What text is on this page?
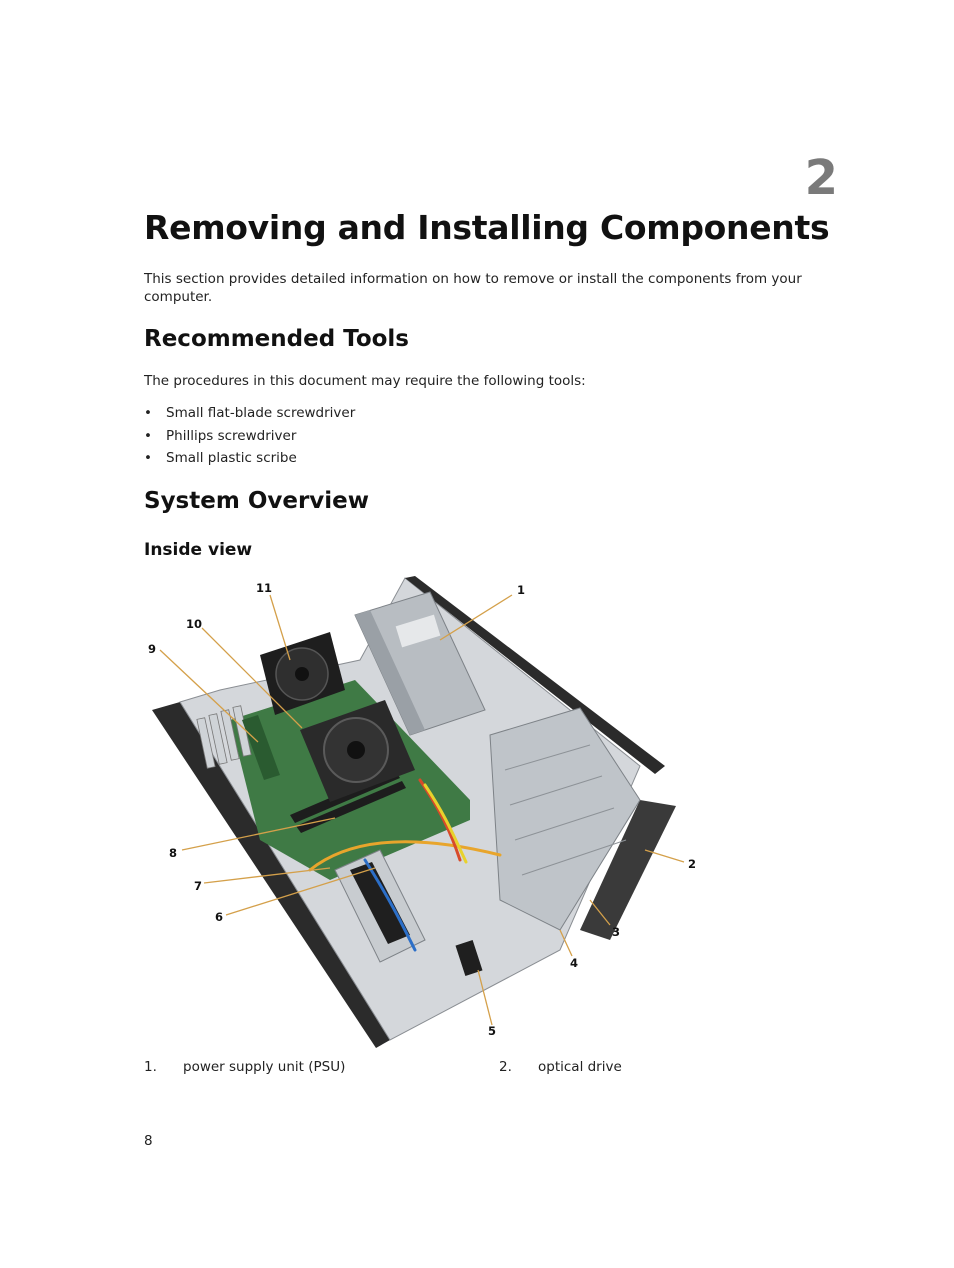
2
Removing and Installing Components

This section provides detailed information on how to remove or install the components from your computer.

Recommended Tools

The procedures in this document may require the following tools:

• Small flat-blade screwdriver
• Phillips screwdriver
• Small plastic scribe
System Overview
Inside view
1
2
3
4
5
6
7
8
9
10
11
1. power supply unit (PSU)	2. optical drive
8
